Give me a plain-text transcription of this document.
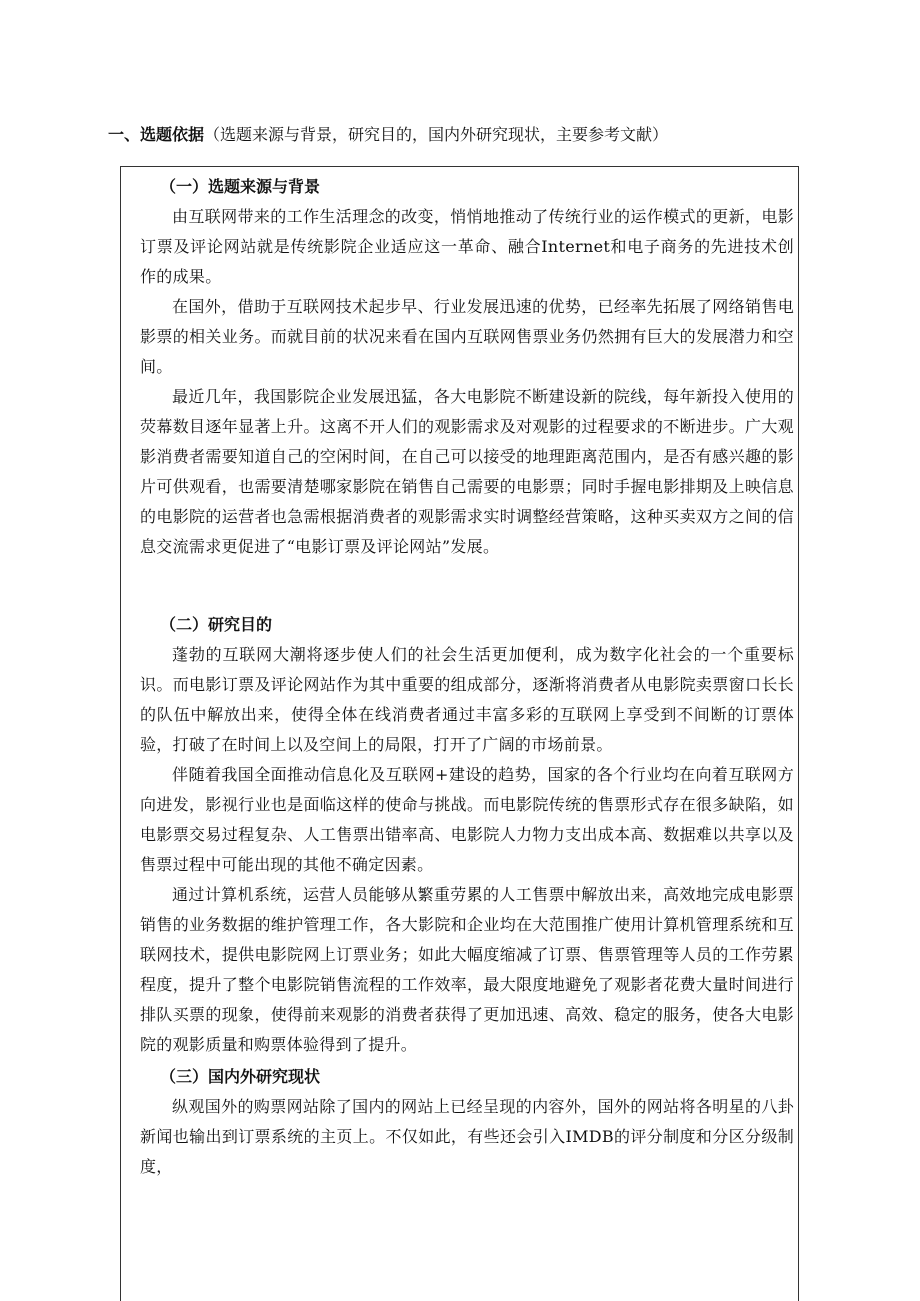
一、选题依据（选题来源与背景，研究目的，国内外研究现状，主要参考文献）
（一）选题来源与背景

由互联网带来的工作生活理念的改变，悄悄地推动了传统行业的运作模式的更新，电影订票及评论网站就是传统影院企业适应这一革命、融合Internet和电子商务的先进技术创作的成果。

在国外，借助于互联网技术起步早、行业发展迅速的优势，已经率先拓展了网络销售电影票的相关业务。而就目前的状况来看在国内互联网售票业务仍然拥有巨大的发展潜力和空间。

最近几年，我国影院企业发展迅猛，各大电影院不断建设新的院线，每年新投入使用的荧幕数目逐年显著上升。这离不开人们的观影需求及对观影的过程要求的不断进步。广大观影消费者需要知道自己的空闲时间，在自己可以接受的地理距离范围内，是否有感兴趣的影片可供观看，也需要清楚哪家影院在销售自己需要的电影票；同时手握电影排期及上映信息的电影院的运营者也急需根据消费者的观影需求实时调整经营策略，这种买卖双方之间的信息交流需求更促进了“电影订票及评论网站”发展。

（二）研究目的

蓬勃的互联网大潮将逐步使人们的社会生活更加便利，成为数字化社会的一个重要标识。而电影订票及评论网站作为其中重要的组成部分，逐渐将消费者从电影院卖票窗口长长的队伍中解放出来，使得全体在线消费者通过丰富多彩的互联网上享受到不间断的订票体验，打破了在时间上以及空间上的局限，打开了广阔的市场前景。

伴随着我国全面推动信息化及互联网+建设的趋势，国家的各个行业均在向着互联网方向进发，影视行业也是面临这样的使命与挑战。而电影院传统的售票形式存在很多缺陷，如电影票交易过程复杂、人工售票出错率高、电影院人力物力支出成本高、数据难以共享以及售票过程中可能出现的其他不确定因素。

通过计算机系统，运营人员能够从繁重劳累的人工售票中解放出来，高效地完成电影票销售的业务数据的维护管理工作，各大影院和企业均在大范围推广使用计算机管理系统和互联网技术，提供电影院网上订票业务；如此大幅度缩减了订票、售票管理等人员的工作劳累程度，提升了整个电影院销售流程的工作效率，最大限度地避免了观影者花费大量时间进行排队买票的现象，使得前来观影的消费者获得了更加迅速、高效、稳定的服务，使各大电影院的观影质量和购票体验得到了提升。

（三）国内外研究现状

纵观国外的购票网站除了国内的网站上已经呈现的内容外，国外的网站将各明星的八卦新闻也输出到订票系统的主页上。不仅如此，有些还会引入IMDB的评分制度和分区分级制度，
